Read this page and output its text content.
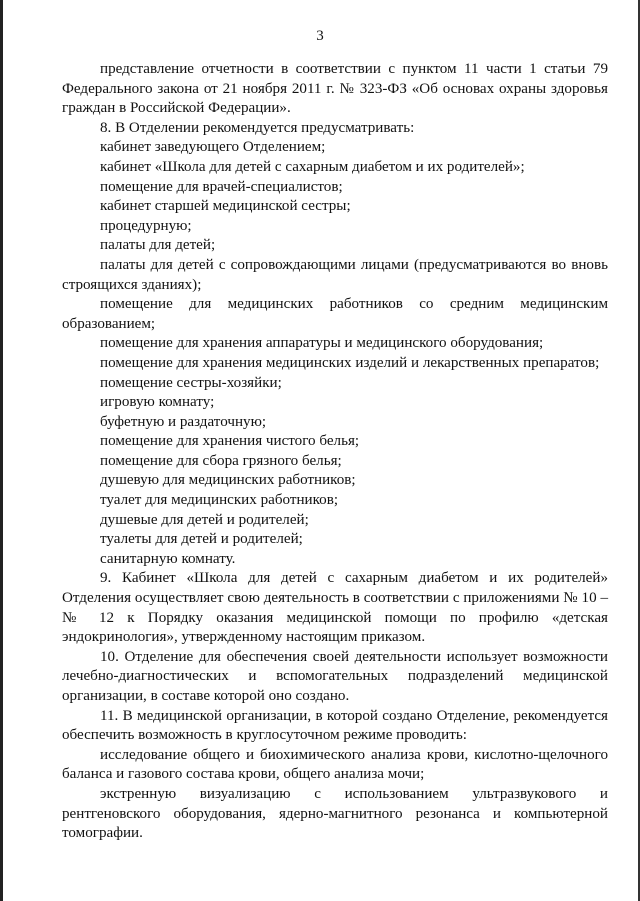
3

представление отчетности в соответствии с пунктом 11 части 1 статьи 79 Федерального закона от 21 ноября 2011 г. № 323-ФЗ «Об основах охраны здоровья граждан в Российской Федерации».

8. В Отделении рекомендуется предусматривать:

кабинет заведующего Отделением;

кабинет «Школа для детей с сахарным диабетом и их родителей»;

помещение для врачей-специалистов;

кабинет старшей медицинской сестры;

процедурную;

палаты для детей;

палаты для детей с сопровождающими лицами (предусматриваются во вновь строящихся зданиях);

помещение для медицинских работников со средним медицинским образованием;

помещение для хранения аппаратуры и медицинского оборудования;

помещение для хранения медицинских изделий и лекарственных препаратов;

помещение сестры-хозяйки;

игровую комнату;

буфетную и раздаточную;

помещение для хранения чистого белья;

помещение для сбора грязного белья;

душевую для медицинских работников;

туалет для медицинских работников;

душевые для детей и родителей;

туалеты для детей и родителей;

санитарную комнату.

9. Кабинет «Школа для детей с сахарным диабетом и их родителей» Отделения осуществляет свою деятельность в соответствии с приложениями № 10 – № 12 к Порядку оказания медицинской помощи по профилю «детская эндокринология», утвержденному настоящим приказом.

10. Отделение для обеспечения своей деятельности использует возможности лечебно-диагностических и вспомогательных подразделений медицинской организации, в составе которой оно создано.

11. В медицинской организации, в которой создано Отделение, рекомендуется обеспечить возможность в круглосуточном режиме проводить:

исследование общего и биохимического анализа крови, кислотно-щелочного баланса и газового состава крови, общего анализа мочи;

экстренную визуализацию с использованием ультразвукового и рентгеновского оборудования, ядерно-магнитного резонанса и компьютерной томографии.
